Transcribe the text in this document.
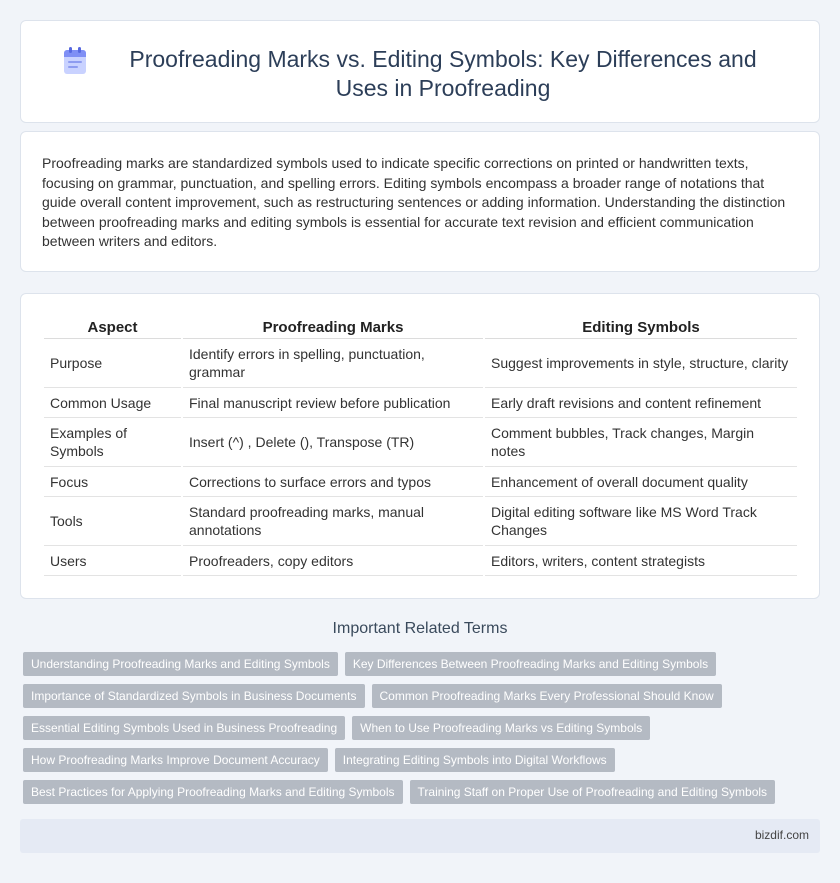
Proofreading Marks vs. Editing Symbols: Key Differences and Uses in Proofreading

Proofreading marks are standardized symbols used to indicate specific corrections on printed or handwritten texts, focusing on grammar, punctuation, and spelling errors. Editing symbols encompass a broader range of notations that guide overall content improvement, such as restructuring sentences or adding information. Understanding the distinction between proofreading marks and editing symbols is essential for accurate text revision and efficient communication between writers and editors.

Aspect	Proofreading Marks	Editing Symbols
Purpose	Identify errors in spelling, punctuation, grammar	Suggest improvements in style, structure, clarity
Common Usage	Final manuscript review before publication	Early draft revisions and content refinement
Examples of Symbols	Insert (^) , Delete (), Transpose (TR)	Comment bubbles, Track changes, Margin notes
Focus	Corrections to surface errors and typos	Enhancement of overall document quality
Tools	Standard proofreading marks, manual annotations	Digital editing software like MS Word Track Changes
Users	Proofreaders, copy editors	Editors, writers, content strategists
Important Related Terms
Understanding Proofreading Marks and Editing Symbols	Key Differences Between Proofreading Marks and Editing Symbols
Importance of Standardized Symbols in Business Documents	Common Proofreading Marks Every Professional Should Know
Essential Editing Symbols Used in Business Proofreading	When to Use Proofreading Marks vs Editing Symbols
How Proofreading Marks Improve Document Accuracy	Integrating Editing Symbols into Digital Workflows
Best Practices for Applying Proofreading Marks and Editing Symbols	Training Staff on Proper Use of Proofreading and Editing Symbols
bizdif.com
